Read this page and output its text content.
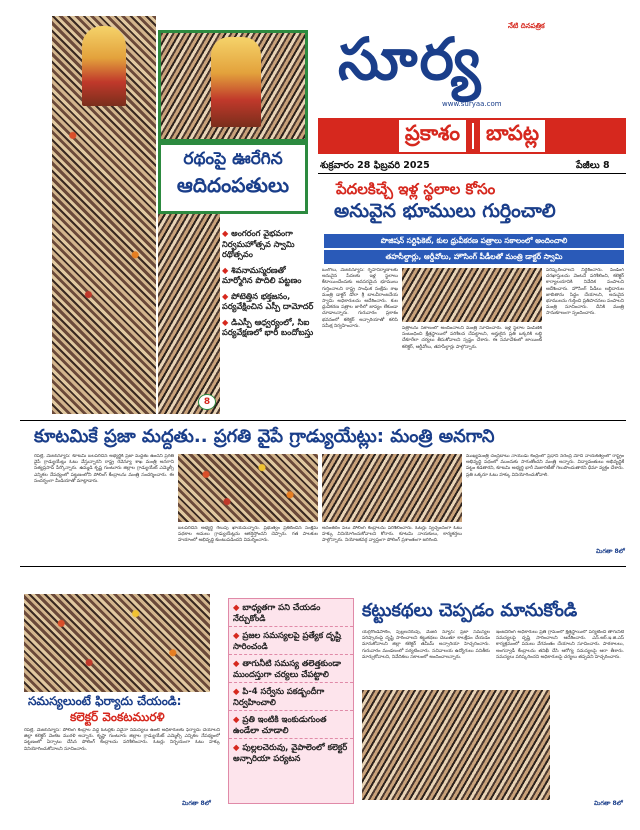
రథంపై ఊరేగిన
ఆదిదంపతులు
◆ అంగరంగ వైభవంగా నిర్వమహోత్సవ స్వామి రథోత్సవం
◆ శివనామస్మరణతో మార్మోగిన పొదిలి పట్టణం
◆ పోటెత్తిన భక్తజనం, పర్యవేక్షించిన ఎస్పీ దామోదర్
◆ డిఎస్పీ ఆధ్వర్యంలో, సిఐ పర్యవేక్షణలో భారీ బందోబస్తు
8
నేటి దినపత్రిక
సూర్య
www.suryaa.com
ప్రకాశం బాపట్ల
శుక్రవారం 28 ఫిబ్రవరి 2025	పేజీలు 8
పేదలకిచ్చే ఇళ్ల స్థలాల కోసం
అనువైన భూములు గుర్తించాలి
పొజిషన్ సర్టిఫికెట్, కుల ధ్రువీకరణ పత్రాలు సకాలంలో అందించాలి
తహసీల్దార్లు, ఆర్డీవోలు, హౌసింగ్ పీడీలతో మంత్రి డాక్టర్ స్వామి
ఒంగోలు, మేజర్‌న్యూస్‌: గృహనిర్మాణాలకు అనువైన పేదలకు ఇళ్ల స్థలాలు కేటాయించేందుకు అవసరమైన భూములు గుర్తించాలని రాష్ట్ర సాంఘిక సంక్షేమ శాఖ మంత్రి డాక్టర్ డోలా శ్రీ బాలవీరాంజనేయ స్వామి అధికారులను ఆదేశించారు. కుల ధ్రువీకరణ పత్రాల జారీలో జాప్యం లేకుండా చూడాలన్నారు. గురువారం ప్రకాశం భవనంలో కలెక్టర్ అన్సారియాతో కలిసి సమీక్ష నిర్వహించారు.	పత్రాలను సకాలంలో అందించాలని మంత్రి సూచించారు. ఇళ్ల స్థలాల పంపిణీకి సంబంధించి క్షేత్రస్థాయిలో పరిశీలన చేపట్టాలని, అర్హులైన ప్రతి ఒక్కరికి లబ్ధి చేకూరేలా చర్యలు తీసుకోవాలని స్పష్టం చేశారు. ఈ సమావేశంలో జాయింట్ కలెక్టర్, ఆర్డీవోలు, తహసీల్దార్లు పాల్గొన్నారు.
పరిష్కరించాలని నిర్దేశించారు. పెండింగ్ దరఖాస్తులను వెంటనే పరిశీలించి, కలెక్టర్ కార్యాలయానికి నివేదిక పంపాలని ఆదేశించారు. హౌసింగ్ పీడీలు లబ్ధిదారుల జాబితాను సిద్ధం చేయాలని, అనువైన భూములను గుర్తించి ప్రతిపాదనలు పంపాలని మంత్రి సూచించారు. దీనికి మంత్రి సానుకూలంగా స్పందించారు.
కూటమికే ప్రజా మద్దతు.. ప్రగతి వైపే గ్రాడ్యుయేట్లు: మంత్రి అనగాని
రేపల్లె, మేజర్‌న్యూస్‌: కూటమి బలపరిచిన అభ్యర్థికి ప్రజా మద్దతు ఉందని ప్రగతి వైపే గ్రాడ్యుయేట్లు ఓటు వేస్తున్నారని రాష్ట్ర రెవెన్యూ శాఖ మంత్రి అనగాని సత్యప్రసాద్ పేర్కొన్నారు. ఉమ్మడి కృష్ణ గుంటూరు జిల్లాల గ్రాడ్యుయేట్ ఎమ్మెల్సీ ఎన్నికల నేపథ్యంలో పట్టణంలోని పోలింగ్ కేంద్రాలను మంత్రి సందర్శించారు. ఈ సందర్భంగా మీడియాతో మాట్లాడారు.
బలపరిచిన అభ్యర్థి గెలుపు ఖాయమన్నారు. ప్రభుత్వం ప్రకటించిన సంక్షేమ పథకాల అమలు గ్రాడ్యుయేట్లను ఆకర్షిస్తోందని చెప్పారు. గత పాలకుల హయాంలో అభివృద్ధి కుంటుపడిందని విమర్శించారు.
అనంతరం పలు పోలింగ్ కేంద్రాలను పరిశీలించారు. ఓటర్లు స్వచ్ఛందంగా ఓటు హక్కు వినియోగించుకోవాలని కోరారు. కూటమి నాయకులు, కార్యకర్తలు పాల్గొన్నారు. నియోజకవర్గ వ్యాప్తంగా పోలింగ్ ప్రశాంతంగా జరిగింది.
ముఖ్యమంత్రి చంద్రబాబు నాయుడు కేంద్రంలో ప్రధాని నరేంద్ర మోదీ నాయకత్వంలో రాష్ట్రం అభివృద్ధి పథంలో ముందుకు సాగుతోందని మంత్రి అన్నారు. విద్యావంతులు అభివృద్ధికే పట్టం కడతారని, కూటమి అభ్యర్థి భారీ మెజారిటీతో గెలుపొందుతారని ధీమా వ్యక్తం చేశారు. ప్రతి ఒక్కరూ ఓటు హక్కు వినియోగించుకోవాలి.
మిగతా 8లో
సమస్యలుంటే ఫిర్యాదు చేయండి:
కలెక్టర్ వెంకటమురళి
రేపల్లె, మేజర్‌న్యూస్‌: పోలింగ్ కేంద్రాల వద్ద ఓటర్లకు ఏవైనా సమస్యలు ఉంటే అధికారులకు ఫిర్యాదు చేయాలని జిల్లా కలెక్టర్ వెంకట మురళి అన్నారు. కృష్ణా గుంటూరు జిల్లాల గ్రాడ్యుయేట్ ఎమ్మెల్సీ ఎన్నికల నేపథ్యంలో పట్టణంలో ఏర్పాటు చేసిన పోలింగ్ కేంద్రాలను పరిశీలించారు. ఓటర్లు నిర్భయంగా ఓటు హక్కు వినియోగించుకోవాలని సూచించారు.
మిగతా 8లో
◆ బాధ్యతగా పని చేయడం నేర్చుకోండి
◆ ప్రజల సమస్యలపై ప్రత్యేక దృష్టి సారించండి
◆ తాగునీటి సమస్య తలెత్తకుండా ముందస్తుగా చర్యలు చేపట్టాలి
◆ పి-4 సర్వేను పకడ్బందీగా నిర్వహించాలి
◆ ప్రతి ఇంటికి ఇంకుడుగుంత ఉండేలా చూడాలి
◆ పుల్లలచెరువు, వైపాలెంలో కలెక్టర్ అన్సారియా పర్యటన
కట్టుకథలు చెప్పడం మానుకోండి
యర్రగొండపాలెం, పుల్లలచెరువు, మేజర్ న్యూస్: ప్రజా సమస్యల పరిష్కారంపై దృష్టి సారించాలని కట్టుకథలు చెబుతూ కాలక్షేపం చేయడం మానుకోవాలని జిల్లా కలెక్టర్ తమీమ్ అన్సారియా హెచ్చరించారు. గురువారం మండలంలో పర్యటించారు. సచివాలయ ఉద్యోగులు పనితీరు మార్చుకోవాలని, నివేదికలు సకాలంలో అందించాలన్నారు.
ఇంజనీరింగ్ అధికారులు ప్రతి గ్రామంలో క్షేత్రస్థాయిలో పర్యటించి తాగునీటి సమస్యలపై దృష్టి సారించాలని ఆదేశించారు. ఎన్.ఆర్.ఇ.జి.ఎస్ కార్యక్రమంలో పనులు వేగవంతం చేయాలని సూచించారు. పాఠశాలలు, అంగన్వాడీ కేంద్రాలను తనిఖీ చేసి ఆరోగ్య సమస్యలపై ఆరా తీశారు. సమస్యలు పరిష్కరించని అధికారులపై చర్యలు తప్పవని హెచ్చరించారు.
మిగతా 8లో
